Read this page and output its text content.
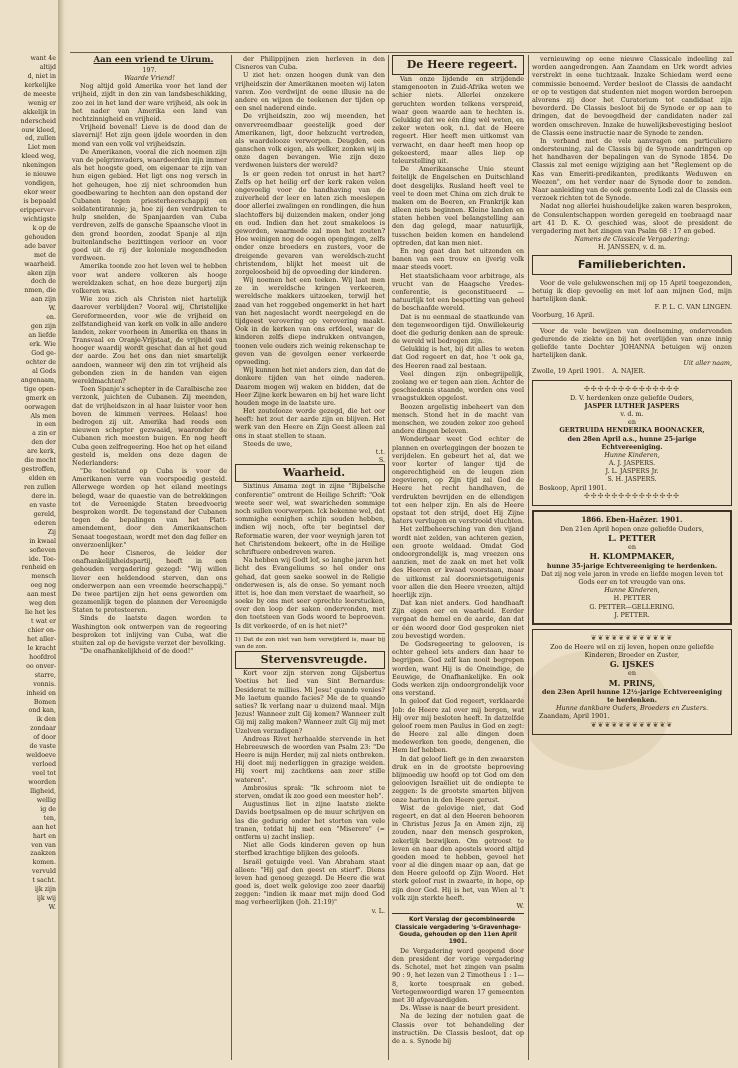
want 4e
altijd
d, niet in
kerkelijke
de meeste
wenig er
akkelijk in
nderscheid
ouw kleed,
ed, zullen
Liet men
kleed weg,
nkeningen
ie nieuwe
vondigen,
ekor weer
is bepaald
eripperver-
wichtigste
k op de
gehouden
ade baver
met de
waarheid.
aken zijn
doch de
nmen, die
aan zijn
W.
en.
gen zijn
an liefde
erk. Wie
God ge-
ochter de
al Gods
angenaam,
tige open-
gmerk en
oorwagen
Als men
in een
a zin er
den der
are kerk,
die mocht
gestroffen,
elden en
ren zullen
dere in.
en vaste
gereld,
ederen
Zij
in kwaal
sofieven
ide. Toe-
renheid en
mensch
oeg nog
aan mest
weg den
lie het les
t wat er
chier on-
het aller-
le kracht
hoofdrol
oo onver-
starre,
vonnis.
inheid en
Bomen
ond kan,
ik den
zondaar
of door
de vaste
weldoeve
verloed
veel tot
woorden
lligheid,
wellig
ig de
ten,
aan het
hart en
ven van
zaakzen
komen.
vervuld
t sacht.
ijk zijn
ijk wij
W.

Aan een vriend te Uirum.

197.

Waarde Vriend!

Nog altijd gold Amerika voor het land der vrijheid, zijdt in den zin van landsbeschikking, zoo zei in het land der ware vrijheid, als ook in het nader van Amerika een land van rechtzinnigheid en vrijheid.

Vrijheid bovenal! Lieve is de dood dan de slavernij! Het zijn geen ijdele woorden in den mond van een volk vol vrijheidszin.

De Amerikanen, vooral die zich noemen zijn van de pelgrimvaders, waardeerden zijn immer als het hoogste goed, om eigenaar te zijn van hun eigen gebied. Het ligt ons nog versch in het geheugen, hoe zij niet schroomden hun goedbewaring te hechten aan den opstand der Cubanen tegen priesterheerschappij en soldatentirannie; ja, hoe zij den verdrukten te hulp snelden, de Spanjaarden van Cuba verdreven, zelfs de gansche Spaansche vloot in den grond boorden, zoodat Spanje al zijn buitenlandsche bezittingen verloor en voor goed uit de rij der koloniale mogendheden verdween.

Amerika toonde zoo het leven wel te hebben voor wat andere volkeren als hooge wereldzaken schat, en hoe deze burgerij zijn volkeren was.

Wie zou zich als Christen niet hartelijk daarover verblijden? Vooral wij, Christelijke Gereformeerden, voor wie de vrijheid en zelfstandigheid van kerk en volk in alle andere landen, zeker voorheen in Amerika en thans in Transvaal en Oranje-Vrijstaat, de vrijheid van hooger waardij wordt geschat dan al het goud der aarde. Zou het ons dan niet smartelijk aandoen, wanneer wij den zin tot vrijheid als gebonden zien in de handen van eigen wereldmachten?

Toen Spanje's schepter in de Caraïbische zee verzonk, juichten de Cubanen. Zij meenden, dat de vrijheidszon in al haar luister voor hen boven de kimmen verrees. Helaas! hoe bedrogen zij uit. Amerika had reeds een nieuwen schepter gezwaaid, waaronder de Cubanen rich moesten buigen. En nog heeft Cuba geen zelfregeering. Hoe het op het eiland gesteld is, melden ons deze dagen de Nederlanders:

"De toelstand op Cuba is voor de Amerikanen verre van voorspoedig gesteld. Allerwege worden op het eiland meetings belegd, waar de quaestie van de betrekkingen tot de Vereenigde Staten breedvoerig besproken wordt. De tegenstand der Cubanen tegen de bepalingen van het Platt-amendement, door den Amerikaanschen Senaat toegestaan, wordt met den dag feller en onverzoenlijker."

De heer Cisneros, de leider der onafhankelijkheidspartij, heeft in een gehouden vergadering gezegd: "Wij willen liever een heldendood sterven, dan ons onderwerpen aan een vreemde heerschappij." De twee partijen zijn het eens geworden om gezamenlijk tegen de plannen der Vereenigde Staten te protesteeren.

Sinds de laatste dagen worden te Washington ook ontwerpen van de regeering besproken tot inlijving van Cuba, wat die stuiten zal op de hevigste verzet der bevolking.

"De onafhankelijkheid of de dood!"

der Philippijnen zien herleven in den Cisneros van Cuba.

U ziet het: onzen hoogen dunk van den vrijheidszin der Amerikanen moeten wij laten varen. Zoo verdwijnt de eene illusie na de andere en wijzen de teekenen der tijden op een snel naderend einde.

De vrijheidszin, zoo wij meenden, het onvervreemdbaar geestelijk goed der Amerikanen, ligt, door hebzucht vertreden, als waardelooze verworpen. Deugden, een ganschen volk eigen, als welker, zonken wij in onze dagen bevangen. Wie zijn deze verdwenen luisters der wereld?

Is er geen reden tot onrust in het hart? Zelfs op het heilig erf der kerk raken velen ongevoelig voor de handhaving van de zuiverheid der leer en laten zich meeslepen door allerlei zwalingen en rondlingen, die hun slachtoffers bij duizenden maken, onder jong en oud. Indien dan het zout smakeloos is geworden, waarmede zal men het zouten? Hoe weinigen nog de oogen opengingen, zelfs onder onze broeders en zusters, voor de dreigende gevaren van wereldsch-zucht christendom, blijkt het meest uit de zorgeloosheid bij de opvoeding der kinderen.

Wij noemen het een teeken. Wij laat men ze in wereldsche kringen verkeeren, wereldsche makkers uitzoeken, terwijl het zaad van het roggebed ongemerkt in het hart van het nageslacht wordt neergelegd en de tijdgeest verovering op verovering maakt. Ook in de kerken van ons erfdeel, waar de kinderen zelfs diepe indrukken ontvangen, toonen vele ouders zich weinig rekenschap te geven van de gevolgen eener verkeerde opvoeding.

Wij kunnen het niet anders zien, dan dat de donkere tijden van het einde naderen. Daarom mogen wij waken en bidden, dat de Heer Zijne kerk bewaren en bij het ware licht houden moge in de laatste ure.

Het zoutelooze worde gezegd, die het oor heeft: het zout der aarde zijn en blijven. Het werk van den Heere en Zijn Geest alleen zal ons in staat stellen te staan.

Steeds de uwe,

t.t.

S.

Waarheid.

Sixtinus Amama zegt in zijne "Bijbelsche conferentie" omtrent de Heilige Schrift: "Ook weete seer wel, wat swaricheden sommige noch sullen voorwerpen. Ick bekenne wel, dat sommighe eenighen schijn souden hebben, indien wij noch, ofte ter begintsel der Reformatie waren, der voor weynigh jaren tot het Christendom bekeert, ofte in de Heilige schriftuere onbedreven waren.

Na hebben wij Godt lof, so langhe jaren het licht des Evangeliums so hel onder ons gehad, dat geen saeke soowel in de Religie onderwesen is, als de onse. So yemant noch ittet is, hoe dan men verstaet de waarheit, so soeke by ons met seer oprechte leerstucken, over den loop der saken ondervonden, met den toetsteen van Gods woord te beproeven. Is dit verkeerde, of en is het niet?"

1) Dat de zon niet van hem verwijderd is, maar bij van de zon.

Stervensvreugde.

Kort voor zijn sterven zong Gijsbertus Voetius het lied van Sint Bernardus: Desiderat te millies. Mi Jesu! quando venies? Me laetum quando facies? Me de te quando saties? Ik verlang naar u duizend maal. Mijn Jezus! Wanneer zult Gij komen? Wanneer zult Gij mij zalig maken? Wanneer zult Gij mij met Uzelven verzadigen?

Andreas Rivet herhaalde stervende in het Hebreeuwsch de woorden van Psalm 23: "De Heere is mijn Herder, mij zal niets ontbreken. Hij doet mij nederliggen in grazige weiden. Hij voert mij zachtkens aan zeer stille wateren".

Ambrosius sprak: "Ik schroom niet te sterven, omdat ik zoo goed een meester heb".

Augustinus liet in zijne laatste ziekte Davids boetpsalmen op de muur schrijven en las die gedurig onder het storten van vele tranen, totdat hij met een "Miserere" (= ontferm u) zacht insliep.

Niet alle Gods kinderen geven op hun sterfbed krachtige blijken des geloofs.

Israël getuigde veel. Van Abraham staat alleen: "Hij gaf den geest en stierf". Diens leven had genoeg gezegd. De Heere die wat goed is, doet welk gelovige zoo zeer daarbij zeggen: "indien ik maar met mijn dood God mag verheerlijken (Joh. 21:19)"

v. L.

De Heere regeert.

Van onze lijdende en strijdende stamgenooten in Zuid-Afrika weten we schier niets. Allerlei onzekere geruchten worden telkens verspreid, waar geen waarde aan te hechten is. Gelukkig dat we één ding wèl weten, en zeker weten ook, n.l. dat de Heere regeert. Hier heeft men uitkomst van verwacht, en daar heeft men hoop op gekoesterd, maar alles liep op teleurstelling uit.

De Amerikaansche Unie steunt feitelijk de Engelschen en Duitschland doet desgelijks. Rusland heeft veel te veel te doen met China om zich druk te maken om de Boeren, en Frankrijk kan alleen niets beginnen. Kleine landen en staten hebben veel belangstelling aan den dag gelegd, maar natuurlijk, tusschen beiden komen en handelend optreden, dat kan men niet.

En nog gaat dan het uitzonden en banen van een trouw en ijverig volk maar steeds voort.

Het staatslichaam voor arbitrage, als vrucht van de Haagsche Vredes-conferentie, is geconstitueerd — natuurlijk tot een bespotting van geheel de beschaafde wereld.

Dat is nu eenmaal de staatkunde van den tegenwoordigen tijd. Onwillekeurig doet die gedurig denken aan de spreuk: de wereld wil bedrogen zijn.

Gelukkig is het, bij dit alles te weten dat God regeert en dat, hoe 't ook ga, des Heeren raad zal bestaan.

Veel dingen zijn onbegrijpelijk, zoolang we er tegen aan zien. Achter de geschiedenis staande, worden ons veel vraagstukken opgelost.

Boozen argelistig inbeheert van den mensch. Stond het in de macht van menschen, we zouden zeker zoo geheel andere dingen beleven.

Wonderbaar weet God echter de plannen en overleggingen der boozen te verijdelen. En gebeurt het al, dat we voor korter of langer tijd de ongerechtigheid en de leugen zien zegevieren, op Zijn tijd zal God de Heere het recht handhaven, de verdrukten bevrijden en de ellendigen tot een helper zijn. En als de Heere opstaat tot den strijd, doet Hij Zijne haters vervlugen en verstrooid vluchten.

Het zelfbeheersching van den vijand wordt niet zelden, van achteren gezien, een groote weldaad. Omdat God ondoorgrondelijk is, mag vreezen ons aanzien, met de zaak en met het volk des Heeren er kwaad voorstaan, maar de uitkomst zal doorsnietsgetuigenis voor allen die den Heere vreezen, altijd heerlijk zijn.

Dat kan niet anders. God handhaaft Zijn eigen eer en waarheid. Eerder vergaat de hemel en de aarde, dan dat er één woord door God gesproken niet zou bevestigd worden.

De Godsregeering te gelooven, is echter geheel iets anders dan haar te begrijpen. God zelf kan nooit begrepen worden, want Hij is de Oneindige, de Eeuwige, de Onafhankelijke. En ook Gods werken zijn ondoorgrondelijk voor ons verstand.

In geloof dat God regeert, verklaarde Job: de Heere zal over mij bergen, wat Hij over mij besloten heeft. In datzelfde geloof roem men Paulus in God en zegt: de Heere zal alle dingen doen medewerken ten goede, dengenen, die Hem lief hebben.

In dat geloof lieft ge in den zwaarsten druk en in de grootste beproeving blijmoedig uw hoofd op tot God om den geloovigen Israëliet uit de ondiepte te zeggen: Is de grootste smarten blijven onze harten in den Heere gerust.

Wist de gelovige niet, dat God regeert, en dat al den Heeren behooren in Christus Jezus Ja en Amen zijn, zij zouden, naar den mensch gesproken, zekerlijk bezwijken. Om getroost te leven en naar den apostels woord altijd goeden moed te hebben, gevoel het voor al die dingen maar op aan, dat ge den Heere geloofd op Zijn Woord. Het sterk geloof rust in zwaarte, in hope, op zijn door God. Hij is het, van Wien al 't volk zijn sterkte heeft.

W.

Kort Verslag der gecombineerde Classicale vergadering 's-Gravenhage-Gouda, gehouden op den 11en April 1901.

De Vergadering word geopend door den president der vorige vergadering ds. Schotel, met het zingen van psalm 90 : 9, het lezen van 2 Timotheus 1 : 1—8, korte toespraak en gebed. Vertegenwoordigd waren 17 gemeenten met 30 afgevaardigden.

Ds. Wisse is naar de beurt president.

Na de lezing der notulen gaat de Classis over tot behandeling der instructiën. De Classis besloot, dat op de a. s. Synode bij

vernieuwing op eene nieuwe Classicale indeeling zal worden aangedrongen. Aan Zaandam en Urk wordt advies verstrekt in eene tuchtzaak. Inzake Schiedam werd eene commissie benoemd. Verder besloot de Classis de aandacht er op te vestigen dat studenten niet mogen worden beroepen alvorens zij door het Curatorium tot candidaat zijn bevorderd. De Classis besloot bij de Synode er op aan te dringen, dat de bevoegdheid der candidaten nader zal worden omschreven. Inzake de huwelijksbevestiging besloot de Classis eene instructie naar de Synode te zenden.

In verband met de vele aanvragen om particuliere ondersteuning, zal de Classis bij de Synode aandringen op het handhaven der bepalingen van de Synode 1854. De Classis zal met eenige wijziging aan het "Reglement op de Kas van Emeriti-predikanten, predikants Weduwen en Weezen", om het verder naar de Synode door te zenden. Naar aanleiding van de ook gemeente Lodi zal de Classis een verzoek richten tot de Synode.

Nadat nog allerlei huishoudelijke zaken waren besproken, de Consulentschappen worden geregeld en toebraagd naar art 41 D. K. O. geschied was, sloot de president de vergadering met het zingen van Psalm 68 : 17 en gebed.

Namens de Classicale Vergadering:

H. JANSSEN, v. d. m.

Familieberichten.

Voor de vele gelukwenschen mij op 15 April toegezonden, betuig ik diep gevoelig en met lof aan mijnen God, mijn hartelijken dank.

F. P. L. C. VAN LINGEN.

Voorburg, 16 April.

Voor de vele bewijzen van deelneming, ondervonden gedurende de ziekte en bij het overlijden van onze innig geliefde tante Dochter JOHANNA betuigen wij onzen hartelijken dank.

Uit aller naam,

Zwolle, 19 April 1901. A. NAJER.

✣✣✣✣✣✣✣✣✣✣✣✣✣✣

D. V. herdenken onze geliefde Ouders,

JASPER LUTHER JASPERS

v. d. m.

en

GERTRUIDA HENDERIKA BOONACKER,

den 28en April a.s., hunne 25-jarige Echtvereeniging.

Hunne Kinderen,

A. J. JASPERS.

J. L. JASPERS Jr.

S. H. JASPERS.

Boskoop, April 1901.

✣✣✣✣✣✣✣✣✣✣✣✣✣✣

1866. Eben-Haëzer. 1901.

Den 21en April hopen onze geliefde Ouders,

L. PETTER

en

H. KLOMPMAKER,

hunne 35-jarige Echtvereeniging te herdenken.

Dat zij nog vele jaren in vrede en liefde mogen leven tot Gods eer en tot vreugde van ons.

Hunne Kinderen,

H. PETTER

G. PETTER—GELLERING.

J. PETTER.

❦❦❦❦❦❦❦❦❦❦❦❦

Zoo de Heere wil en zij leven, hopen onze geliefde Kinderen, Broeder en Zuster,

G. IJSKES

en

M. PRINS,

den 23en April hunne 12½-jarige Echtvereeniging te herdenken.

Hunne dankbare Ouders, Broeders en Zusters.

Zaandam, April 1901.

❦❦❦❦❦❦❦❦❦❦❦❦
